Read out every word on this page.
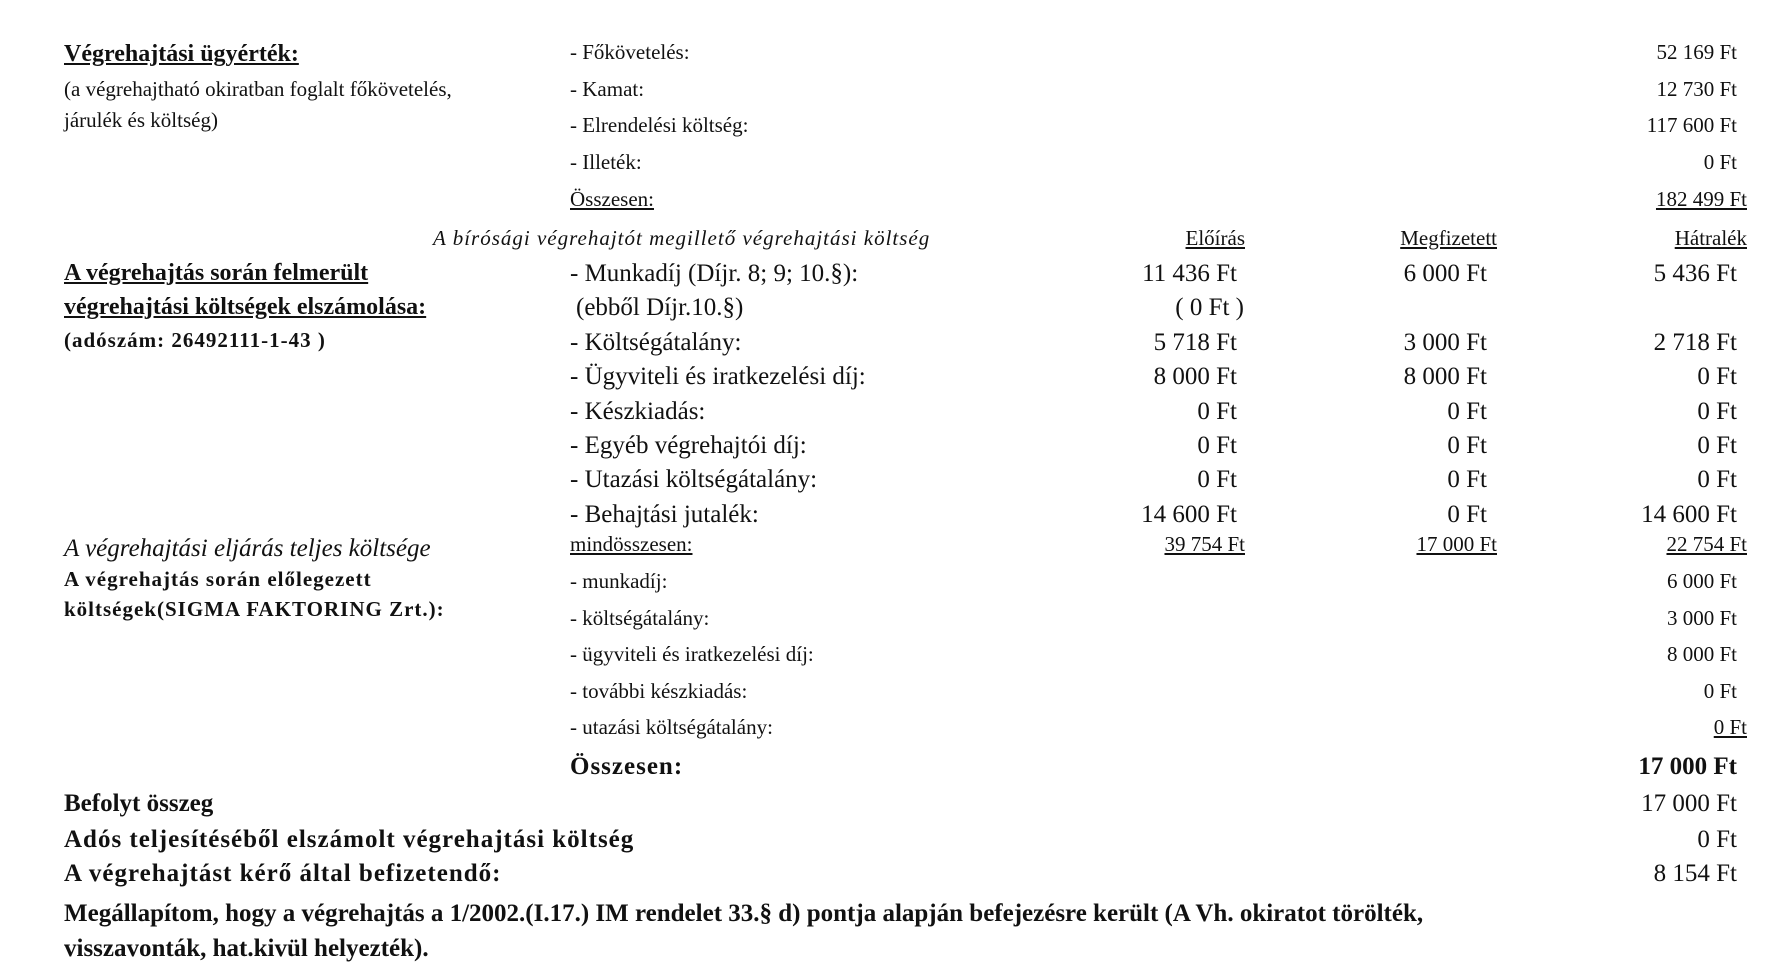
Végrehajtási ügyérték:
(a végrehajtható okiratban foglalt főkövetelés,
járulék és költség)
- Főkövetelés:	52 169 Ft
- Kamat:	12 730 Ft
- Elrendelési költség:	117 600 Ft
- Illeték:	0 Ft
Összesen:	182 499 Ft
A bírósági végrehajtót megillető végrehajtási költség	Előírás	Megfizetett	Hátralék
A végrehajtás során felmerült
végrehajtási költségek elszámolása:
(adószám: 26492111-1-43 )
- Munkadíj (Díjr. 8; 9; 10.§):	11 436 Ft	6 000 Ft	5 436 Ft
(ebből Díjr.10.§)	( 0 Ft )
- Költségátalány:	5 718 Ft	3 000 Ft	2 718 Ft
- Ügyviteli és iratkezelési díj:	8 000 Ft	8 000 Ft	0 Ft
- Készkiadás:	0 Ft	0 Ft	0 Ft
- Egyéb végrehajtói díj:	0 Ft	0 Ft	0 Ft
- Utazási költségátalány:	0 Ft	0 Ft	0 Ft
- Behajtási jutalék:	14 600 Ft	0 Ft	14 600 Ft
A végrehajtási eljárás teljes költsége	mindösszesen:	39 754 Ft	17 000 Ft	22 754 Ft
A végrehajtás során előlegezett
költségek(SIGMA FAKTORING Zrt.):
- munkadíj:	6 000 Ft
- költségátalány:	3 000 Ft
- ügyviteli és iratkezelési díj:	8 000 Ft
- további készkiadás:	0 Ft
- utazási költségátalány:	0 Ft
Összesen:	17 000 Ft
Befolyt összeg	17 000 Ft
Adós teljesítéséből elszámolt végrehajtási költség	0 Ft
A végrehajtást kérő által befizetendő:	8 154 Ft
Megállapítom, hogy a végrehajtás a 1/2002.(I.17.) IM rendelet 33.§ d) pontja alapján befejezésre került (A Vh. okiratot törölték,
visszavonták, hat.kivül helyezték).
